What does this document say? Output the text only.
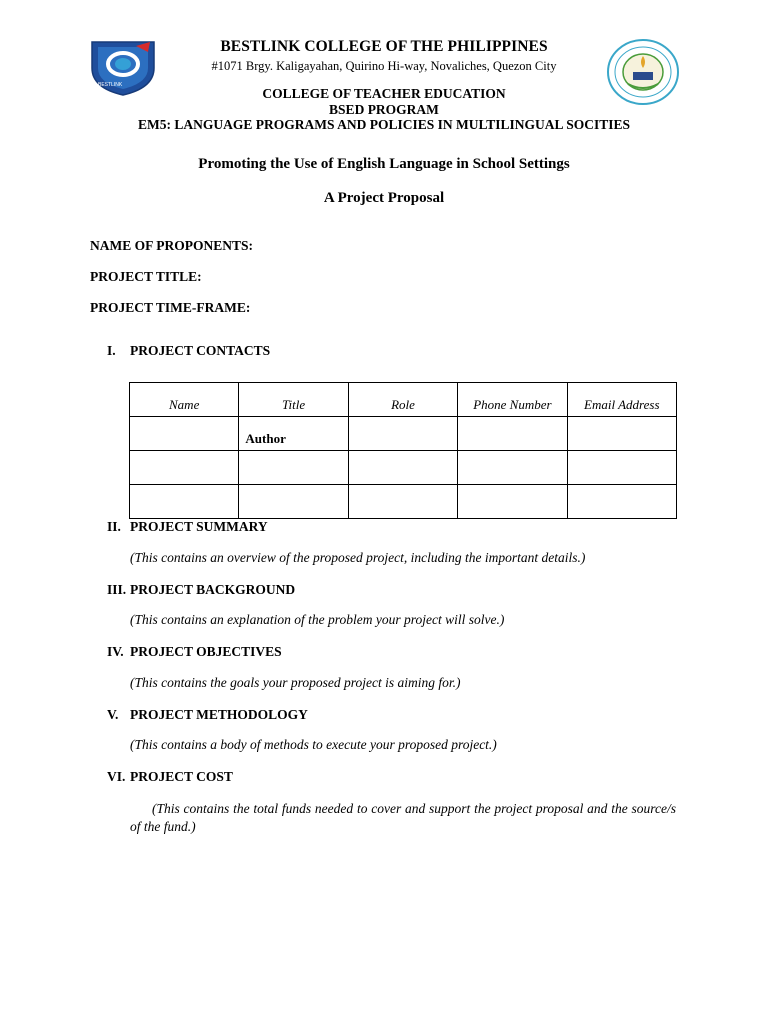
BESTLINK
BESTLINK COLLEGE OF THE PHILIPPINES
#1071 Brgy. Kaligayahan, Quirino Hi-way, Novaliches, Quezon City
COLLEGE OF TEACHER EDUCATION
BSED PROGRAM
EM5: LANGUAGE PROGRAMS AND POLICIES IN MULTILINGUAL SOCITIES
Promoting the Use of English Language in School Settings
A Project Proposal
NAME OF PROPONENTS:
PROJECT TITLE:
PROJECT TIME-FRAME:
I. PROJECT CONTACTS
Name	Title	Role	Phone Number	Email Address
	Author			

II. PROJECT SUMMARY
(This contains an overview of the proposed project, including the important details.)
III. PROJECT BACKGROUND
(This contains an explanation of the problem your project will solve.)
IV. PROJECT OBJECTIVES
(This contains the goals your proposed project is aiming for.)
V. PROJECT METHODOLOGY
(This contains a body of methods to execute your proposed project.)
VI. PROJECT COST
(This contains the total funds needed to cover and support the project proposal and the source/s of the fund.)
